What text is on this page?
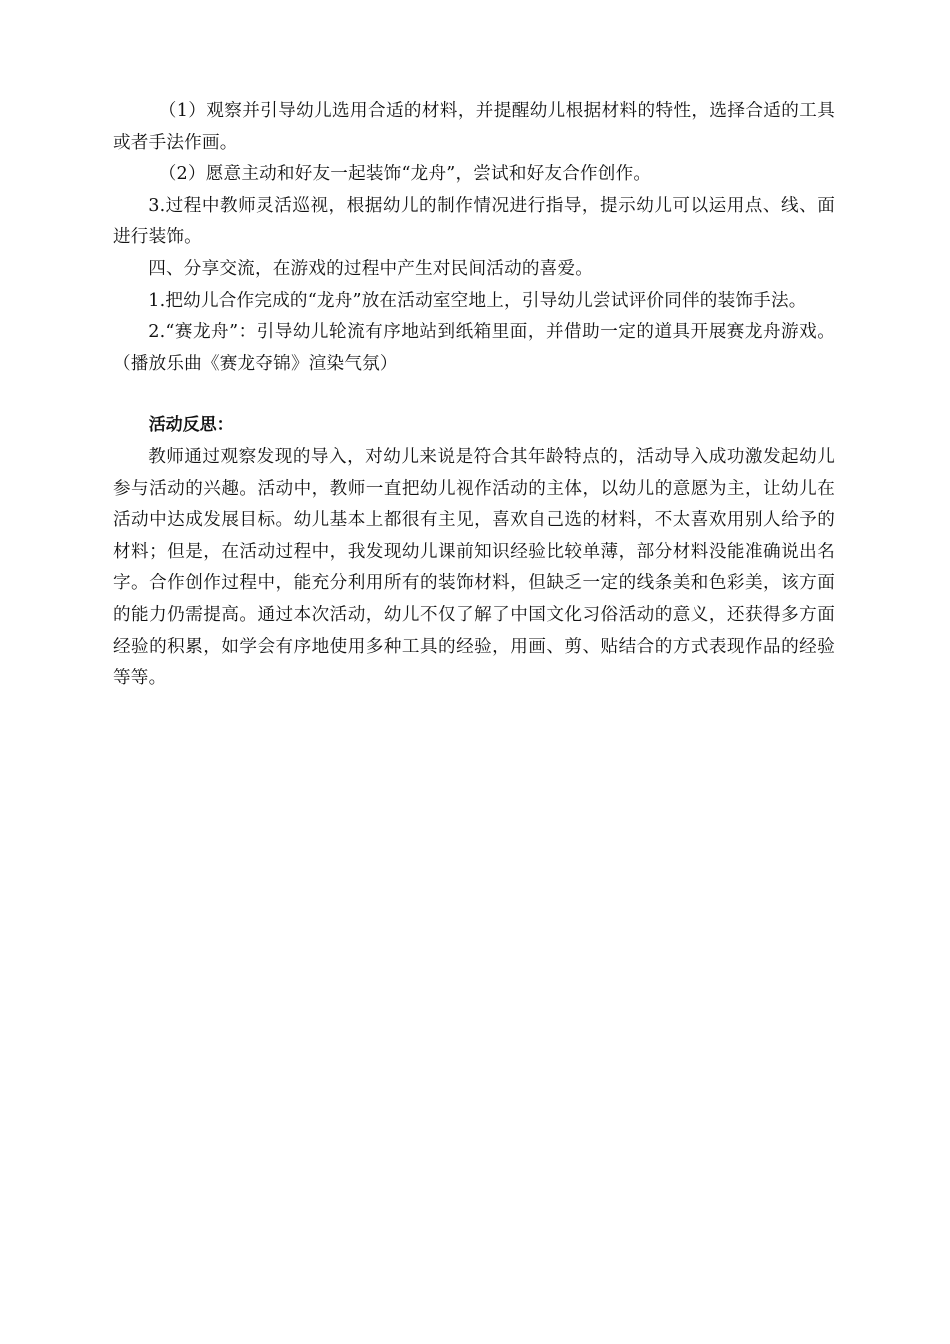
（1）观察并引导幼儿选用合适的材料，并提醒幼儿根据材料的特性，选择合适的工具或者手法作画。

（2）愿意主动和好友一起装饰“龙舟”，尝试和好友合作创作。

3.过程中教师灵活巡视，根据幼儿的制作情况进行指导，提示幼儿可以运用点、线、面进行装饰。

四、分享交流，在游戏的过程中产生对民间活动的喜爱。

1.把幼儿合作完成的“龙舟”放在活动室空地上，引导幼儿尝试评价同伴的装饰手法。

2.“赛龙舟”：引导幼儿轮流有序地站到纸箱里面，并借助一定的道具开展赛龙舟游戏。（播放乐曲《赛龙夺锦》渲染气氛）

活动反思：

教师通过观察发现的导入，对幼儿来说是符合其年龄特点的，活动导入成功激发起幼儿参与活动的兴趣。活动中，教师一直把幼儿视作活动的主体，以幼儿的意愿为主，让幼儿在活动中达成发展目标。幼儿基本上都很有主见，喜欢自己选的材料，不太喜欢用别人给予的材料；但是，在活动过程中，我发现幼儿课前知识经验比较单薄，部分材料没能准确说出名字。合作创作过程中，能充分利用所有的装饰材料，但缺乏一定的线条美和色彩美，该方面的能力仍需提高。通过本次活动，幼儿不仅了解了中国文化习俗活动的意义，还获得多方面经验的积累，如学会有序地使用多种工具的经验，用画、剪、贴结合的方式表现作品的经验等等。
